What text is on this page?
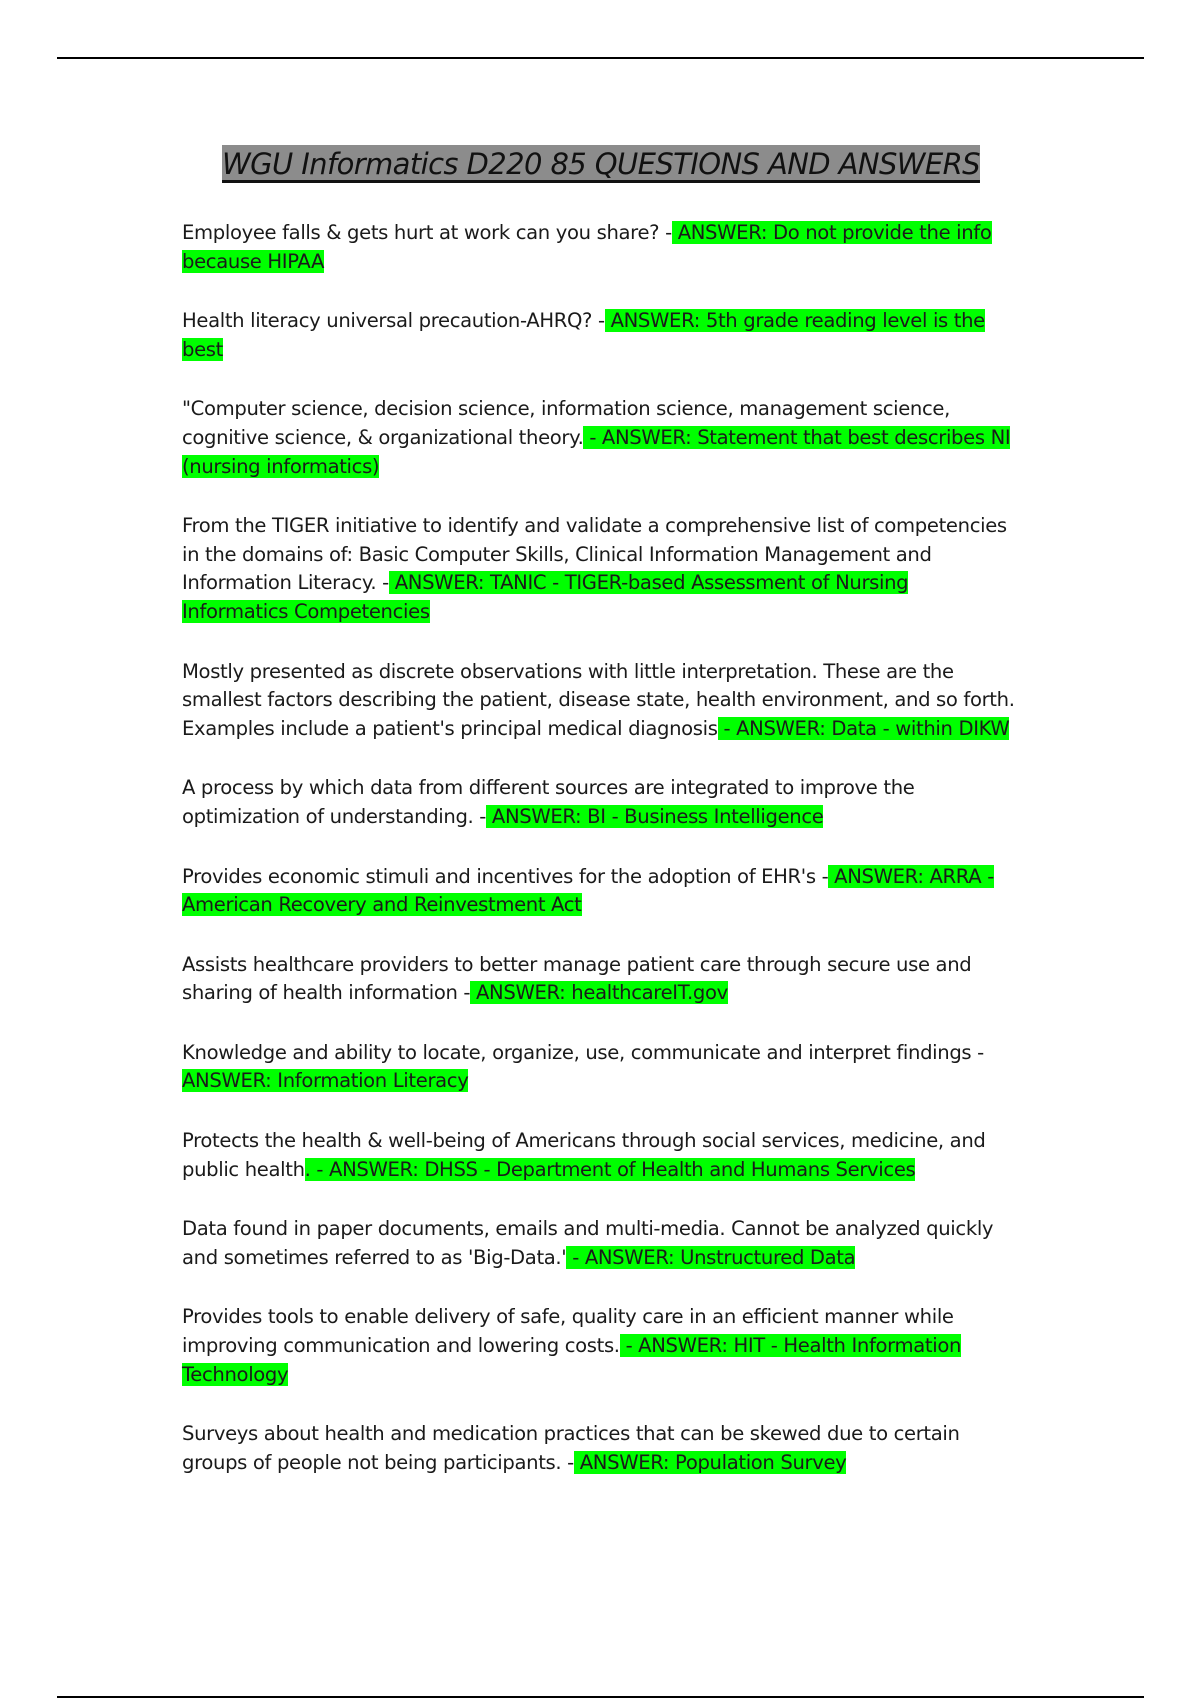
WGU Informatics D220 85 QUESTIONS AND ANSWERS

Employee falls & gets hurt at work can you share? - ANSWER: Do not provide the info because HIPAA

Health literacy universal precaution-AHRQ? - ANSWER: 5th grade reading level is the best

"Computer science, decision science, information science, management science, cognitive science, & organizational theory. - ANSWER: Statement that best describes NI (nursing informatics)

From the TIGER initiative to identify and validate a comprehensive list of competencies in the domains of: Basic Computer Skills, Clinical Information Management and Information Literacy. - ANSWER: TANIC - TIGER-based Assessment of Nursing Informatics Competencies

Mostly presented as discrete observations with little interpretation. These are the smallest factors describing the patient, disease state, health environment, and so forth. Examples include a patient's principal medical diagnosis - ANSWER: Data - within DIKW

A process by which data from different sources are integrated to improve the optimization of understanding. - ANSWER: BI - Business Intelligence

Provides economic stimuli and incentives for the adoption of EHR's - ANSWER: ARRA - American Recovery and Reinvestment Act

Assists healthcare providers to better manage patient care through secure use and sharing of health information - ANSWER: healthcareIT.gov

Knowledge and ability to locate, organize, use, communicate and interpret findings - ANSWER: Information Literacy

Protects the health & well-being of Americans through social services, medicine, and public health. - ANSWER: DHSS - Department of Health and Humans Services

Data found in paper documents, emails and multi-media. Cannot be analyzed quickly and sometimes referred to as 'Big-Data.' - ANSWER: Unstructured Data

Provides tools to enable delivery of safe, quality care in an efficient manner while improving communication and lowering costs. - ANSWER: HIT - Health Information Technology

Surveys about health and medication practices that can be skewed due to certain groups of people not being participants. - ANSWER: Population Survey
